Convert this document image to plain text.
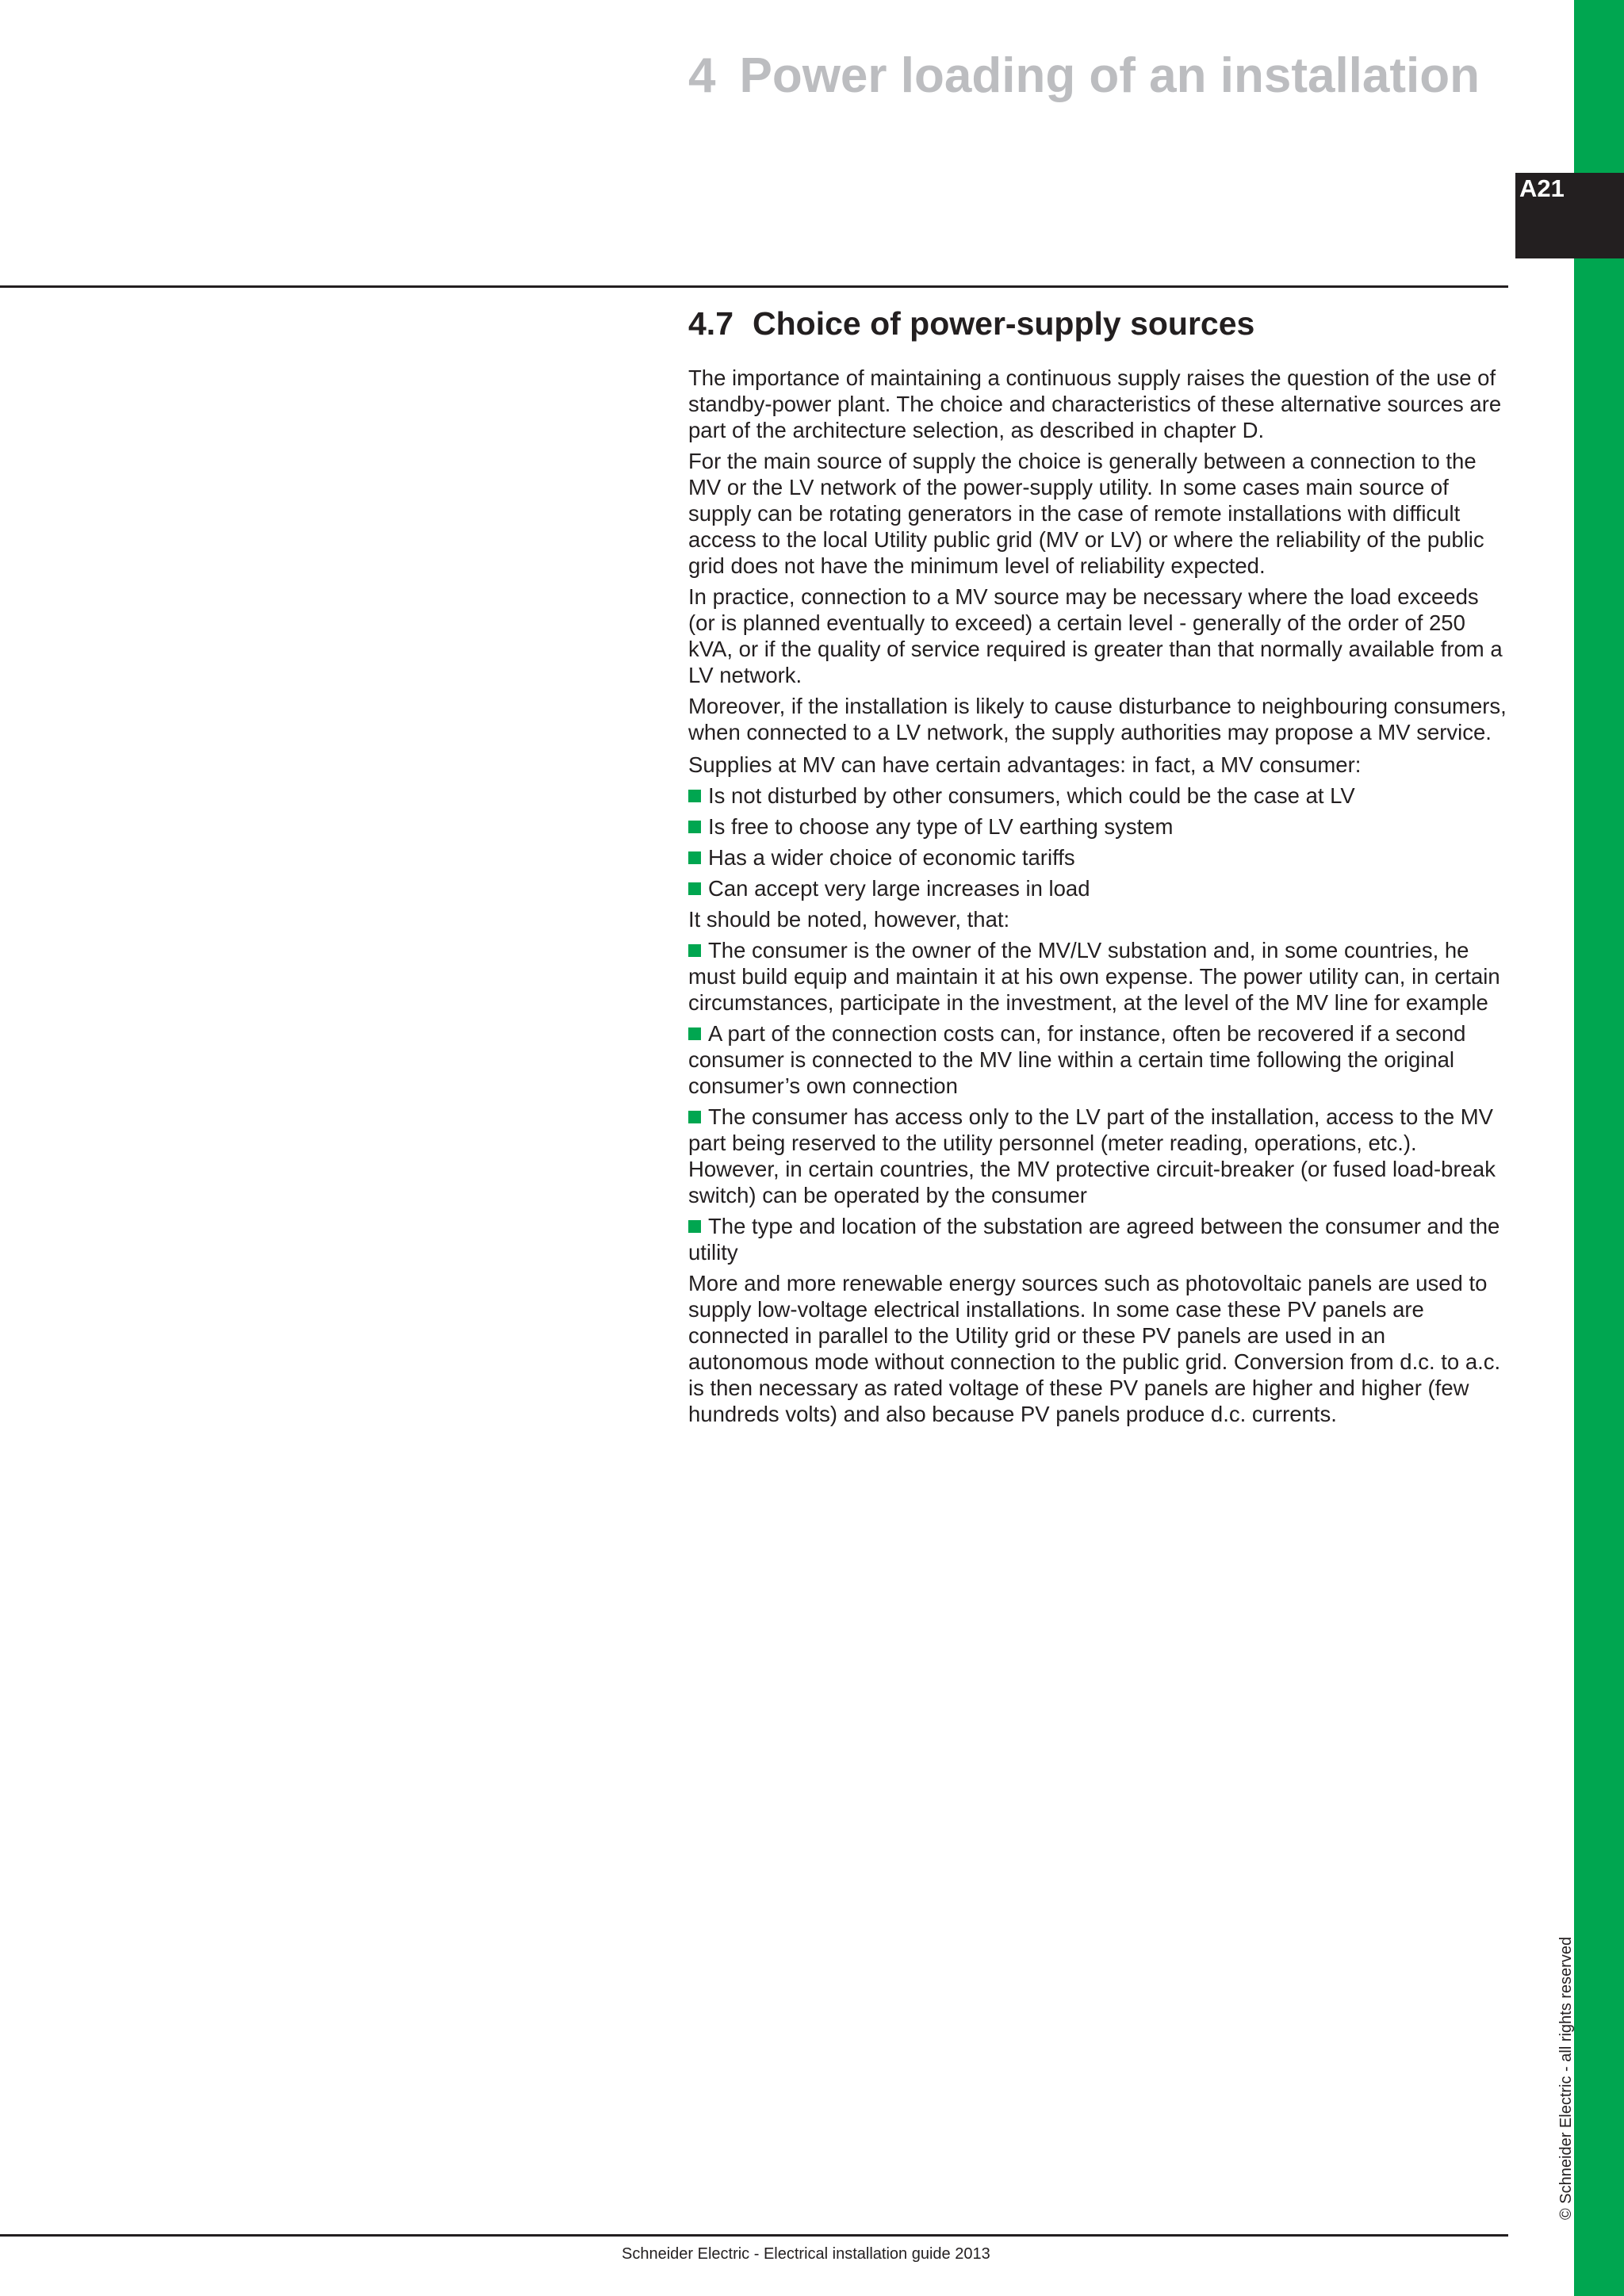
A21
4 Power loading of an installation
4.7 Choice of power-supply sources

The importance of maintaining a continuous supply raises the question of the use of standby-power plant. The choice and characteristics of these alternative sources are part of the architecture selection, as described in chapter D.

For the main source of supply the choice is generally between a connection to the MV or the LV network of the power-supply utility. In some cases main source of supply can be rotating generators in the case of remote installations with difficult access to the local Utility public grid (MV or LV) or where the reliability of the public grid does not have the minimum level of reliability expected.

In practice, connection to a MV source may be necessary where the load exceeds (or is planned eventually to exceed) a certain level - generally of the order of 250 kVA, or if the quality of service required is greater than that normally available from a LV network.

Moreover, if the installation is likely to cause disturbance to neighbouring consumers, when connected to a LV network, the supply authorities may propose a MV service.

Supplies at MV can have certain advantages: in fact, a MV consumer:

Is not disturbed by other consumers, which could be the case at LV

Is free to choose any type of LV earthing system

Has a wider choice of economic tariffs

Can accept very large increases in load

It should be noted, however, that:

The consumer is the owner of the MV/LV substation and, in some countries, he must build equip and maintain it at his own expense. The power utility can, in certain circumstances, participate in the investment, at the level of the MV line for example

A part of the connection costs can, for instance, often be recovered if a second consumer is connected to the MV line within a certain time following the original consumer’s own connection

The consumer has access only to the LV part of the installation, access to the MV part being reserved to the utility personnel (meter reading, operations, etc.). However, in certain countries, the MV protective circuit-breaker (or fused load-break switch) can be operated by the consumer

The type and location of the substation are agreed between the consumer and the utility

More and more renewable energy sources such as photovoltaic panels are used to supply low-voltage electrical installations. In some case these PV panels are connected in parallel to the Utility grid or these PV panels are used in an autonomous mode without connection to the public grid. Conversion from d.c. to a.c. is then necessary as rated voltage of these PV panels are higher and higher (few hundreds volts) and also because PV panels produce d.c. currents.

Schneider Electric - Electrical installation guide 2013
© Schneider Electric - all rights reserved
